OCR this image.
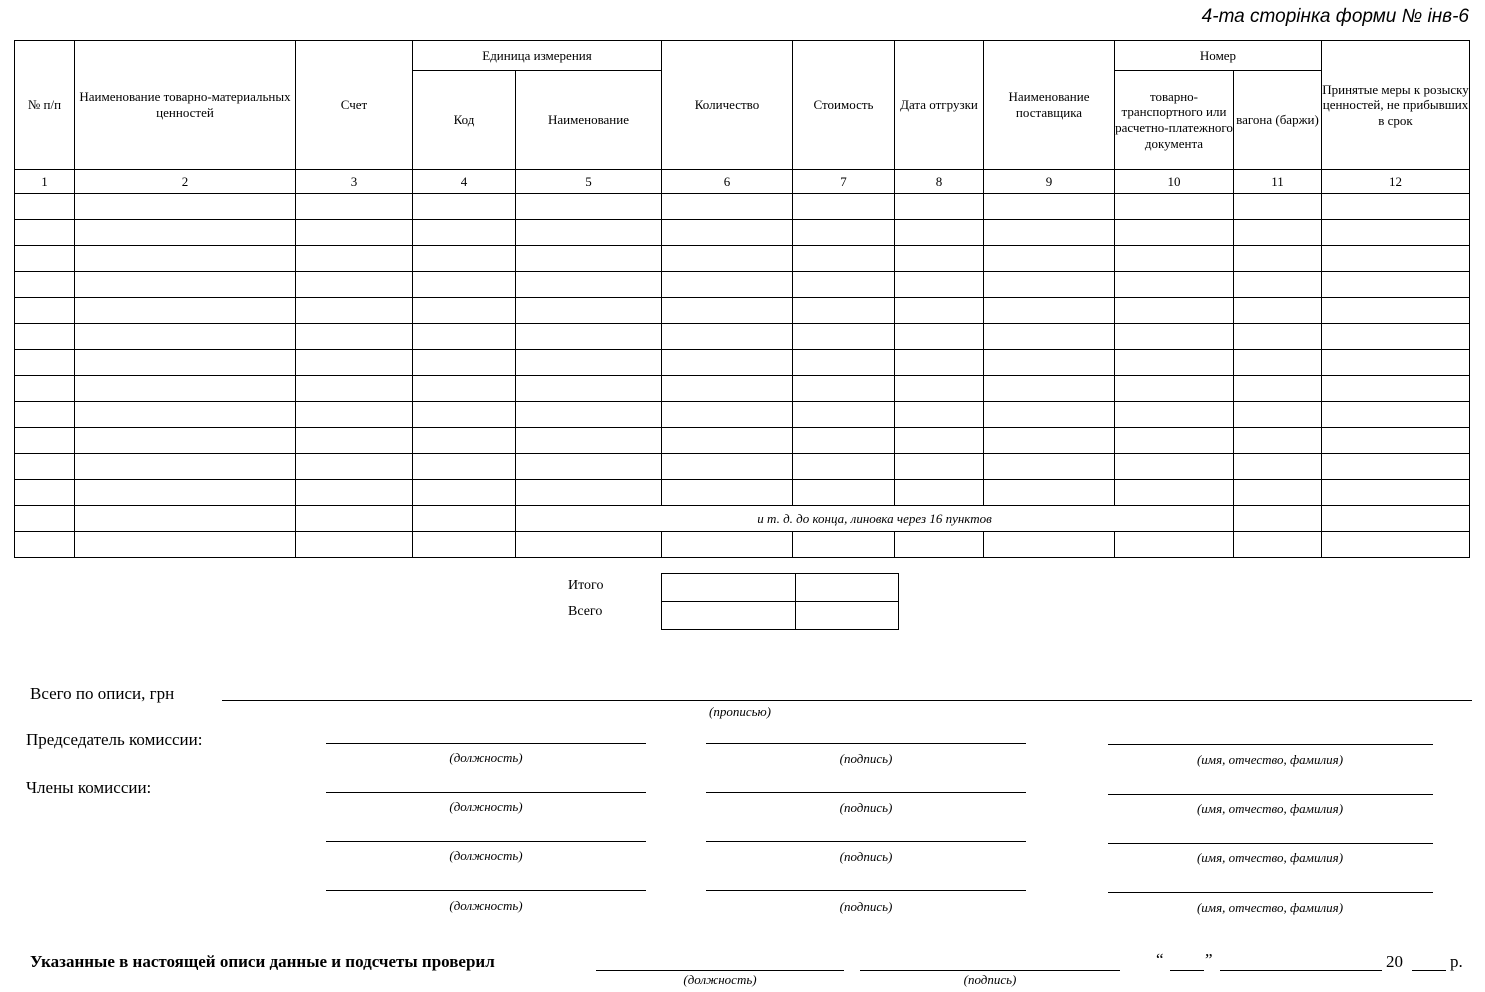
4-та сторінка форми № інв-6
№ п/п	Наименование товарно-материальных ценностей	Счет	Единица измерения		Количество	Стоимость	Дата отгрузки	Наименование поставщика	Номер		Принятые меры к розыску ценностей, не прибывших в срок
			Код	Наименование					товарно-транспортного или расчетно-платежного документа	вагона (баржи)	
1	2	3	4	5	6	7	8	9	10	11	12

				и т. д. до конца, линовка через 16 пунктов							

Итого
Всего
Всего по описи, грн
(прописью)
Председатель комиссии:
(должность)	(подпись)	(имя, отчество, фамилия)
Члены комиссии:
(должность)	(подпись)	(имя, отчество, фамилия)
(должность)	(подпись)	(имя, отчество, фамилия)
(должность)	(подпись)	(имя, отчество, фамилия)
Указанные в настоящей описи данные и подсчеты проверил
(должность)	(подпись)
“ ”	20	р.
